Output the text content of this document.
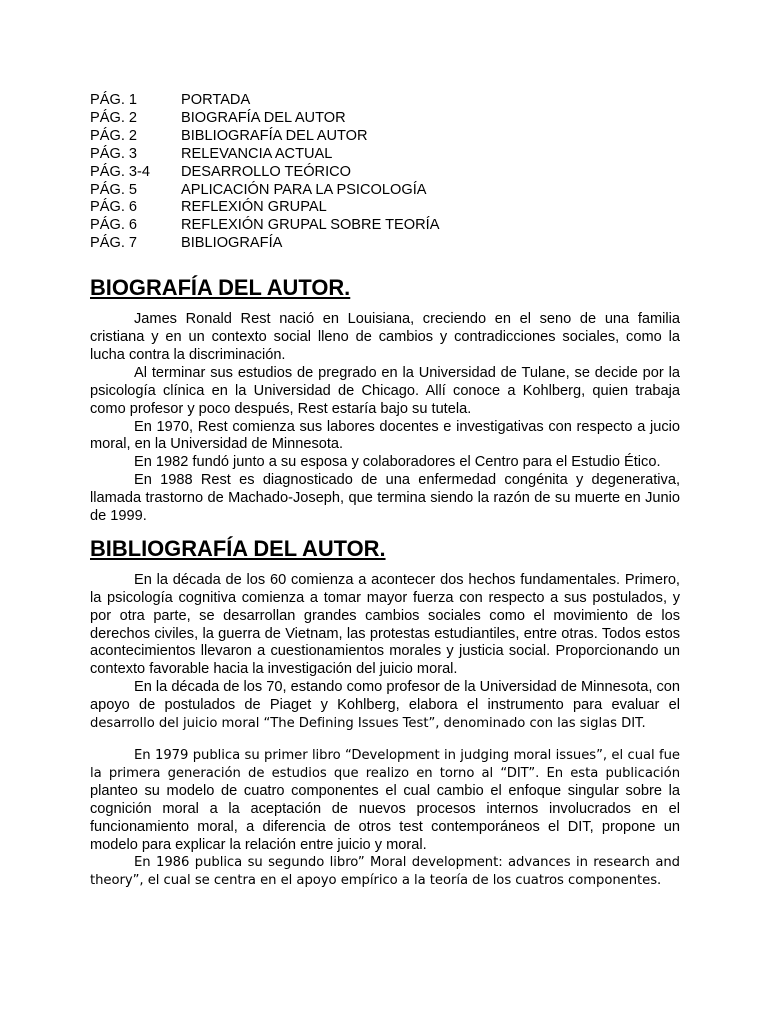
PÁG. 1	PORTADA
PÁG. 2	BIOGRAFÍA DEL AUTOR
PÁG. 2	BIBLIOGRAFÍA DEL AUTOR
PÁG. 3	RELEVANCIA ACTUAL
PÁG. 3-4	DESARROLLO TEÓRICO
PÁG. 5	APLICACIÓN PARA LA PSICOLOGÍA
PÁG. 6	REFLEXIÓN GRUPAL
PÁG. 6	REFLEXIÓN GRUPAL SOBRE TEORÍA
PÁG. 7	BIBLIOGRAFÍA
BIOGRAFÍA DEL AUTOR.

James Ronald Rest nació en Louisiana, creciendo en el seno de una familia cristiana y en un contexto social lleno de cambios y contradicciones sociales, como la lucha contra la discriminación.

Al terminar sus estudios de pregrado en la Universidad de Tulane, se decide por la psicología clínica en la Universidad de Chicago. Allí conoce a Kohlberg, quien trabaja como profesor y poco después, Rest estaría bajo su tutela.

En 1970, Rest comienza sus labores docentes e investigativas con respecto a jucio moral, en la Universidad de Minnesota.

En 1982 fundó junto a su esposa y colaboradores el Centro para el Estudio Ético.

En 1988 Rest es diagnosticado de una enfermedad congénita y degenerativa, llamada trastorno de Machado-Joseph, que termina siendo la razón de su muerte en Junio de 1999.

BIBLIOGRAFÍA DEL AUTOR.

En la década de los 60 comienza a acontecer dos hechos fundamentales. Primero, la psicología cognitiva comienza a tomar mayor fuerza con respecto a sus postulados, y por otra parte, se desarrollan grandes cambios sociales como el movimiento de los derechos civiles, la guerra de Vietnam, las protestas estudiantiles, entre otras. Todos estos acontecimientos llevaron a cuestionamientos morales y justicia social. Proporcionando un contexto favorable hacia la investigación del juicio moral.

En la década de los 70, estando como profesor de la Universidad de Minnesota, con apoyo de postulados de Piaget y Kohlberg, elabora el instrumento para evaluar el desarrollo del juicio moral “The Defining Issues Test”, denominado con las siglas DIT.

En 1979 publica su primer libro “Development in judging moral issues”, el cual fue la primera generación de estudios que realizo en torno al “DIT”. En esta publicación planteo su modelo de cuatro componentes el cual cambio el enfoque singular sobre la cognición moral a la aceptación de nuevos procesos internos involucrados en el funcionamiento moral, a diferencia de otros test contemporáneos el DIT, propone un modelo para explicar la relación entre juicio y moral.

En 1986 publica su segundo libro” Moral development: advances in research and theory”, el cual se centra en el apoyo empírico a la teoría de los cuatros componentes.
